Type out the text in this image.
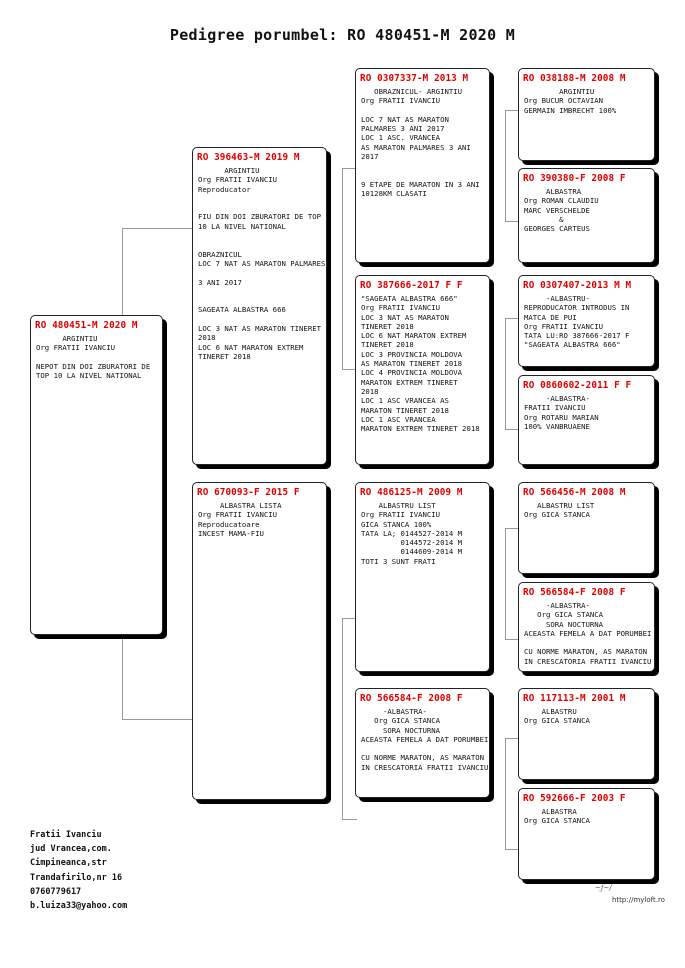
Pedigree porumbel: RO 480451-M 2020 M
RO 480451-M 2020 M
ARGINTIU
Org FRATII IVANCIU
NEPOT DIN DOI ZBURATORI DE
TOP 10 LA NIVEL NATIONAL
RO 396463-M 2019 M
ARGINTIU
Org FRATII IVANCIU
Reproducator
FIU DIN DOI ZBURATORI DE TOP
10 LA NIVEL NATIONAL
OBRAZNICUL
LOC 7 NAT AS MARATON PALMARES
3 ANI 2017
SAGEATA ALBASTRA 666
LOC 3 NAT AS MARATON TINERET
2018
LOC 6 NAT MARATON EXTREM
TINERET 2018
RO 670093-F 2015 F
ALBASTRA LISTA
Org FRATII IVANCIU
Reproducatoare
INCEST MAMA-FIU
RO 0307337-M 2013 M
OBRAZNICUL- ARGINTIU
Org FRATII IVANCIU
LOC 7 NAT AS MARATON
PALMARES 3 ANI 2017
LOC 1 ASC. VRANCEA
AS MARATON PALMARES 3 ANI
2017
9 ETAPE DE MARATON IN 3 ANI
10128KM CLASATI
RO 387666-2017 F F
"SAGEATA ALBASTRA 666"
Org FRATII IVANCIU
LOC 3 NAT AS MARATON
TINERET 2018
LOC 6 NAT MARATON EXTREM
TINERET 2018
LOC 3 PROVINCIA MOLDOVA
AS MARATON TINERET 2018
LOC 4 PROVINCIA MOLDOVA
MARATON EXTREM TINERET
2018
LOC 1 ASC VRANCEA AS
MARATON TINERET 2018
LOC 1 ASC VRANCEA
MARATON EXTREM TINERET 2018
RO 486125-M 2009 M
ALBASTRU LIST
Org FRATII IVANCIU
GICA STANCA 100%
TATA LA; 0144527-2014 M
0144572-2014 M
0144609-2014 M
TOTI 3 SUNT FRATI
RO 566584-F 2008 F
-ALBASTRA-
Org GICA STANCA
SORA NOCTURNA
ACEASTA FEMELA A DAT PORUMBEI
CU NORME MARATON, AS MARATON
IN CRESCATORIA FRATII IVANCIU
RO 038188-M 2008 M
ARGINTIU
Org BUCUR OCTAVIAN
GERMAIN IMBRECHT 100%
RO 390380-F 2008 F
ALBASTRA
Org ROMAN CLAUDIU
MARC VERSCHELDE
&
GEORGES CARTEUS
RO 0307407-2013 M M
-ALBASTRU-
REPRODUCATOR INTRODUS IN
MATCA DE PUI
Org FRATII IVANCIU
TATA LU:RO 387666-2017 F
"SAGEATA ALBASTRA 666"
RO 0860602-2011 F F
-ALBASTRA-
FRATII IVANCIU
Org ROTARU MARIAN
100% VANBRUAENE
RO 566456-M 2008 M
ALBASTRU LIST
Org GICA STANCA
RO 566584-F 2008 F
-ALBASTRA-
Org GICA STANCA
SORA NOCTURNA
ACEASTA FEMELA A DAT PORUMBEI
CU NORME MARATON, AS MARATON
IN CRESCATORIA FRATII IVANCIU
RO 117113-M 2001 M
ALBASTRU
Org GICA STANCA
RO 592666-F 2003 F
ALBASTRA
Org GICA STANCA
Fratii Ivanciu
jud Vrancea,com.
Cimpineanca,str
Trandafirilo,nr 16
0760779617
b.luiza33@yahoo.com
~ƒ~/
http://myloft.ro
